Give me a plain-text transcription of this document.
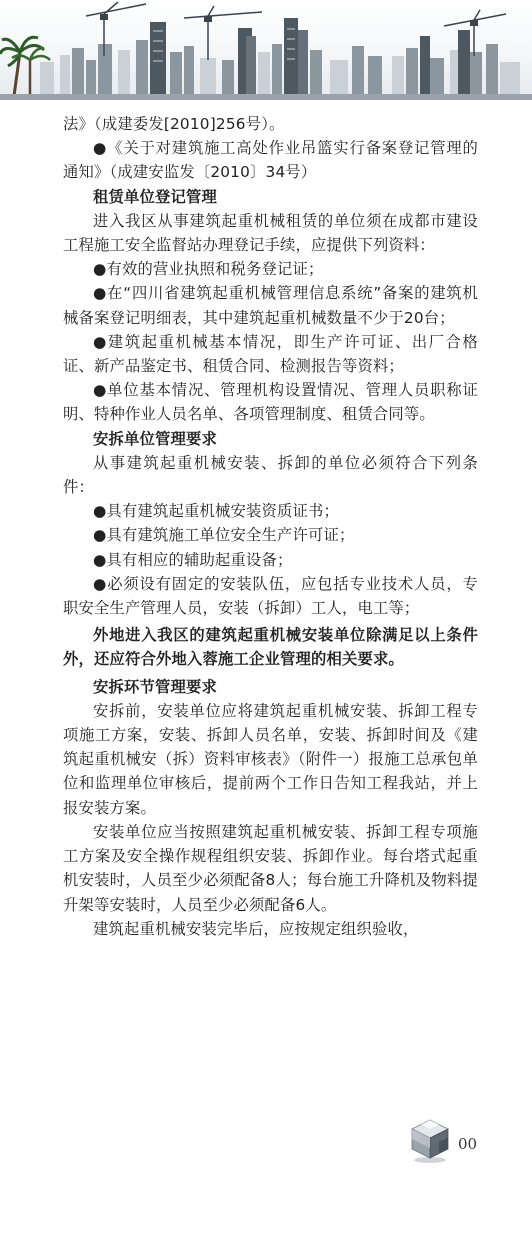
法》（成建委发[2010]256号）。

●《关于对建筑施工高处作业吊篮实行备案登记管理的通知》（成建安监发〔2010〕34号）

租赁单位登记管理

进入我区从事建筑起重机械租赁的单位须在成都市建设工程施工安全监督站办理登记手续，应提供下列资料：

●有效的营业执照和税务登记证；

●在“四川省建筑起重机械管理信息系统”备案的建筑机械备案登记明细表，其中建筑起重机械数量不少于20台；

●建筑起重机械基本情况，即生产许可证、出厂合格证、新产品鉴定书、租赁合同、检测报告等资料；

●单位基本情况、管理机构设置情况、管理人员职称证明、特种作业人员名单、各项管理制度、租赁合同等。

安拆单位管理要求

从事建筑起重机械安装、拆卸的单位必须符合下列条件：

●具有建筑起重机械安装资质证书；

●具有建筑施工单位安全生产许可证；

●具有相应的辅助起重设备；

●必须设有固定的安装队伍，应包括专业技术人员，专职安全生产管理人员，安装（拆卸）工人，电工等；

外地进入我区的建筑起重机械安装单位除满足以上条件外，还应符合外地入蓉施工企业管理的相关要求。

安拆环节管理要求

安拆前，安装单位应将建筑起重机械安装、拆卸工程专项施工方案，安装、拆卸人员名单，安装、拆卸时间及《建筑起重机械安（拆）资料审核表》（附件一）报施工总承包单位和监理单位审核后，提前两个工作日告知工程我站，并上报安装方案。

安装单位应当按照建筑起重机械安装、拆卸工程专项施工方案及安全操作规程组织安装、拆卸作业。每台塔式起重机安装时，人员至少必须配备8人；每台施工升降机及物料提升架等安装时，人员至少必须配备6人。

建筑起重机械安装完毕后，应按规定组织验收，

00
